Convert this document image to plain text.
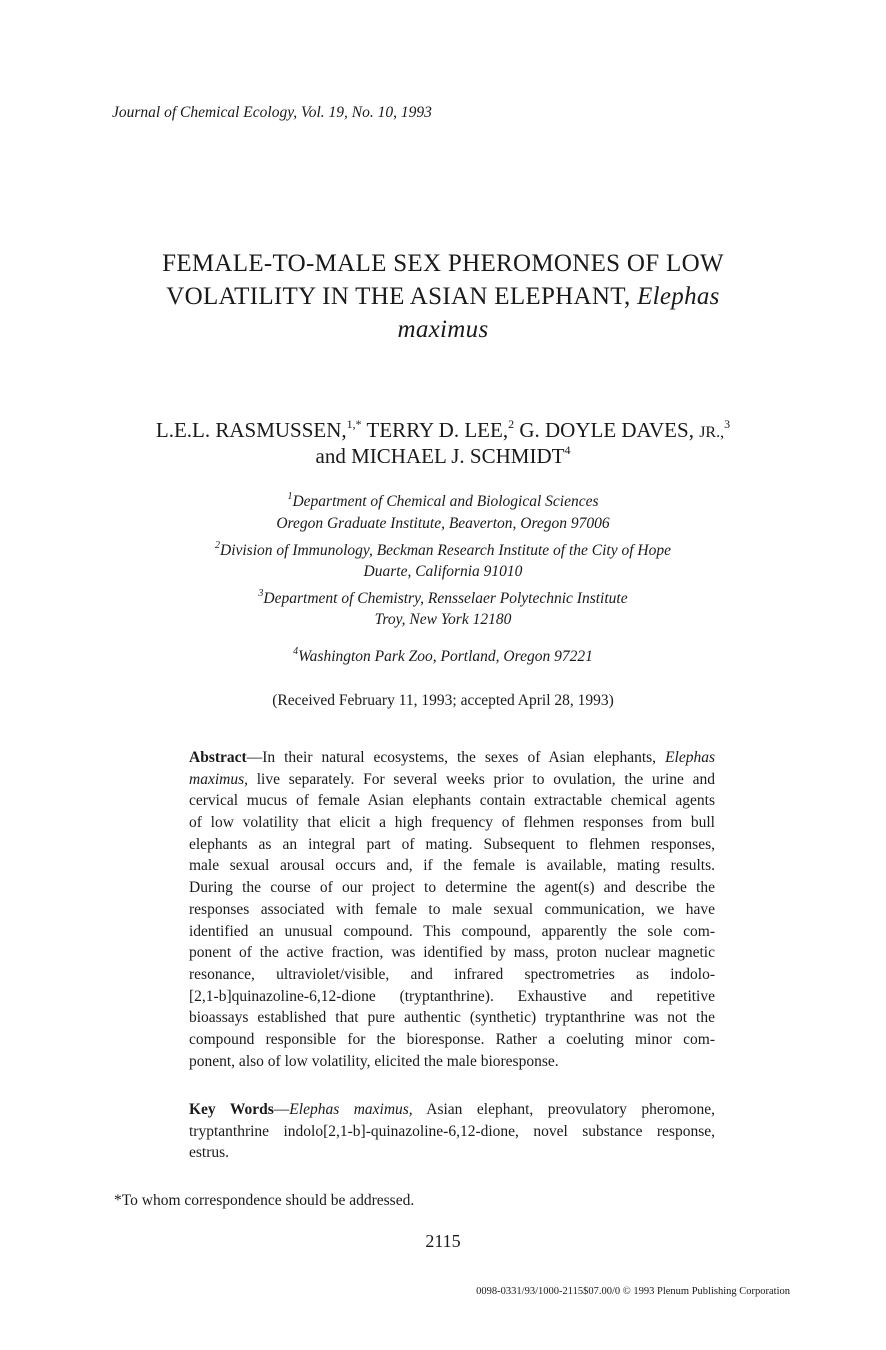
Journal of Chemical Ecology, Vol. 19, No. 10, 1993
FEMALE-TO-MALE SEX PHEROMONES OF LOW
VOLATILITY IN THE ASIAN ELEPHANT, Elephas
maximus
L.E.L. RASMUSSEN,$^{1,*}$ TERRY D. LEE,$^2$ G. DOYLE DAVES, JR.,$^3$
and MICHAEL J. SCHMIDT$^4$
$^1$Department of Chemical and Biological Sciences
Oregon Graduate Institute, Beaverton, Oregon 97006
$^2$Division of Immunology, Beckman Research Institute of the City of Hope
Duarte, California 91010
$^3$Department of Chemistry, Rensselaer Polytechnic Institute
Troy, New York 12180
$^4$Washington Park Zoo, Portland, Oregon 97221
(Received February 11, 1993; accepted April 28, 1993)
Abstract—In their natural ecosystems, the sexes of Asian elephants, Elephas
maximus, live separately. For several weeks prior to ovulation, the urine and
cervical mucus of female Asian elephants contain extractable chemical agents
of low volatility that elicit a high frequency of flehmen responses from bull
elephants as an integral part of mating. Subsequent to flehmen responses,
male sexual arousal occurs and, if the female is available, mating results.
During the course of our project to determine the agent(s) and describe the
responses associated with female to male sexual communication, we have
identified an unusual compound. This compound, apparently the sole com-
ponent of the active fraction, was identified by mass, proton nuclear magnetic
resonance, ultraviolet/visible, and infrared spectrometries as indolo-
[2,1-b]quinazoline-6,12-dione (tryptanthrine). Exhaustive and repetitive
bioassays established that pure authentic (synthetic) tryptanthrine was not the
compound responsible for the bioresponse. Rather a coeluting minor com-
ponent, also of low volatility, elicited the male bioresponse.
Key Words—Elephas maximus, Asian elephant, preovulatory pheromone,
tryptanthrine indolo[2,1-b]-quinazoline-6,12-dione, novel substance response,
estrus.
*To whom correspondence should be addressed.
2115
0098-0331/93/1000-2115$07.00/0 © 1993 Plenum Publishing Corporation
